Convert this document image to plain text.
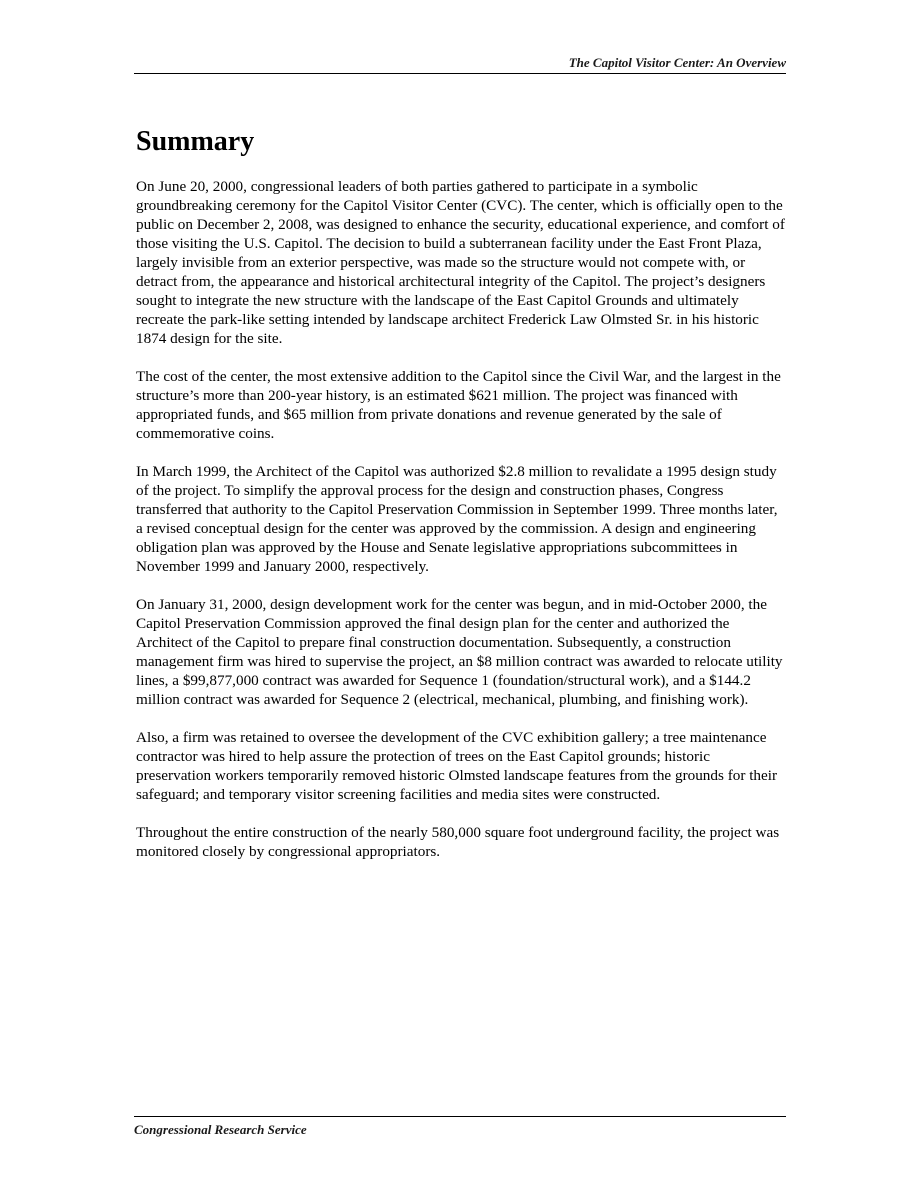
The Capitol Visitor Center: An Overview
Summary

On June 20, 2000, congressional leaders of both parties gathered to participate in a symbolic groundbreaking ceremony for the Capitol Visitor Center (CVC). The center, which is officially open to the public on December 2, 2008, was designed to enhance the security, educational experience, and comfort of those visiting the U.S. Capitol. The decision to build a subterranean facility under the East Front Plaza, largely invisible from an exterior perspective, was made so the structure would not compete with, or detract from, the appearance and historical architectural integrity of the Capitol. The project’s designers sought to integrate the new structure with the landscape of the East Capitol Grounds and ultimately recreate the park-like setting intended by landscape architect Frederick Law Olmsted Sr. in his historic 1874 design for the site.

The cost of the center, the most extensive addition to the Capitol since the Civil War, and the largest in the structure’s more than 200-year history, is an estimated $621 million. The project was financed with appropriated funds, and $65 million from private donations and revenue generated by the sale of commemorative coins.

In March 1999, the Architect of the Capitol was authorized $2.8 million to revalidate a 1995 design study of the project. To simplify the approval process for the design and construction phases, Congress transferred that authority to the Capitol Preservation Commission in September 1999. Three months later, a revised conceptual design for the center was approved by the commission. A design and engineering obligation plan was approved by the House and Senate legislative appropriations subcommittees in November 1999 and January 2000, respectively.

On January 31, 2000, design development work for the center was begun, and in mid-October 2000, the Capitol Preservation Commission approved the final design plan for the center and authorized the Architect of the Capitol to prepare final construction documentation. Subsequently, a construction management firm was hired to supervise the project, an $8 million contract was awarded to relocate utility lines, a $99,877,000 contract was awarded for Sequence 1 (foundation/structural work), and a $144.2 million contract was awarded for Sequence 2 (electrical, mechanical, plumbing, and finishing work).

Also, a firm was retained to oversee the development of the CVC exhibition gallery; a tree maintenance contractor was hired to help assure the protection of trees on the East Capitol grounds; historic preservation workers temporarily removed historic Olmsted landscape features from the grounds for their safeguard; and temporary visitor screening facilities and media sites were constructed.

Throughout the entire construction of the nearly 580,000 square foot underground facility, the project was monitored closely by congressional appropriators.

Congressional Research Service
